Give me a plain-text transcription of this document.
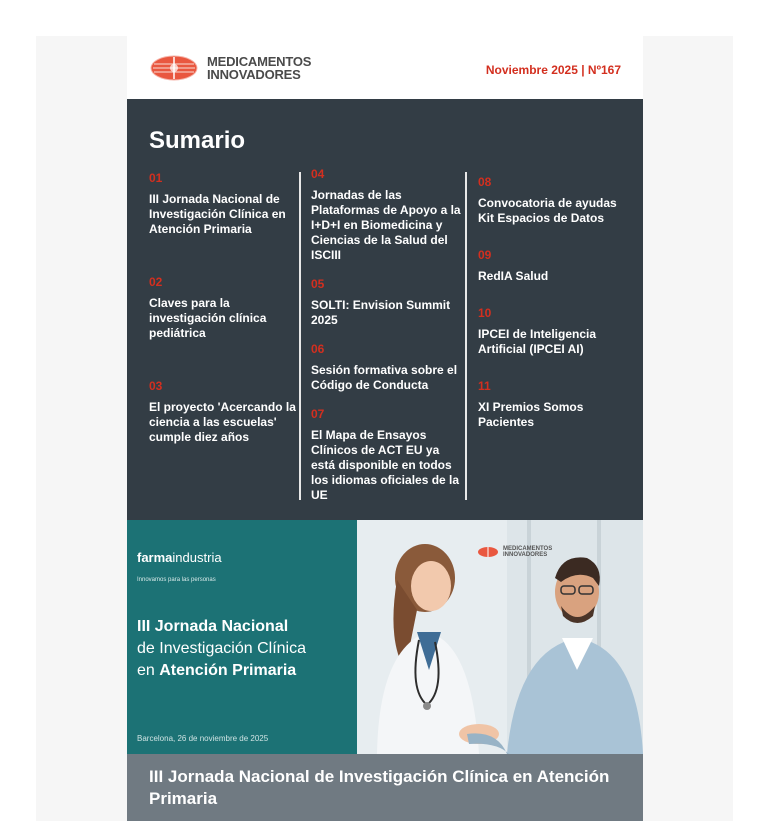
MEDICAMENTOS
INNOVADORES	Noviembre 2025 | Nº167
Sumario
01
III Jornada Nacional de Investigación Clínica en Atención Primaria
02
Claves para la investigación clínica pediátrica
03
El proyecto 'Acercando la ciencia a las escuelas' cumple diez años
04
Jornadas de las Plataformas de Apoyo a la I+D+I en Biomedicina y Ciencias de la Salud del ISCIII
05
SOLTI: Envision Summit 2025
06
Sesión formativa sobre el Código de Conducta
07
El Mapa de Ensayos Clínicos de ACT EU ya está disponible en todos los idiomas oficiales de la UE
08
Convocatoria de ayudas Kit Espacios de Datos
09
RedIA Salud
10
IPCEI de Inteligencia Artificial (IPCEI AI)
11
XI Premios Somos Pacientes
farmaindustria
Innovamos para las personas
III Jornada Nacional
de Investigación Clínica
en Atención Primaria
Barcelona, 26 de noviembre de 2025
MEDICAMENTOS
INNOVADORES
III Jornada Nacional de Investigación Clínica en Atención Primaria
